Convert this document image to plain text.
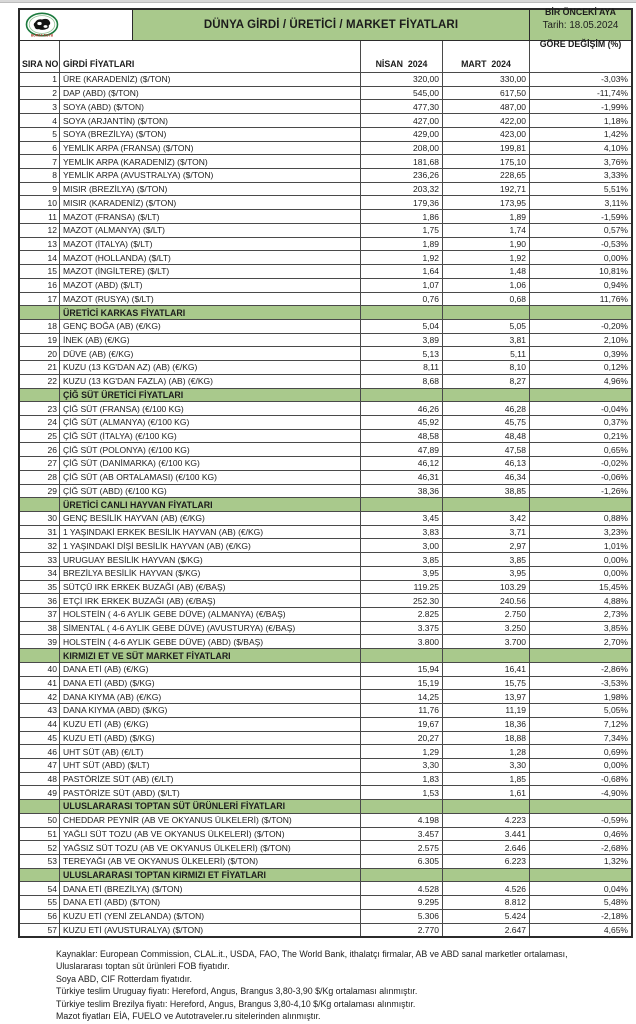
BURSA DSYB
DÜNYA GİRDİ / ÜRETİCİ / MARKET FİYATLARI	Tarih: 18.05.2024
SIRA NO GİRDİ FİYATLARI	NİSAN  2024	MART  2024

BİR ÖNCEKİ AYA

GÖRE DEĞİŞİM (%)

1 ÜRE (KARADENİZ) ($/TON)	320,00	330,00	-3,03%
2 DAP (ABD) ($/TON)	545,00	617,50	-11,74%
3 SOYA (ABD) ($/TON)	477,30	487,00	-1,99%
4 SOYA (ARJANTİN) ($/TON)	427,00	422,00	1,18%
5 SOYA (BREZİLYA) ($/TON)	429,00	423,00	1,42%
6 YEMLİK ARPA (FRANSA) ($/TON)	208,00	199,81	4,10%
7 YEMLİK ARPA (KARADENİZ) ($/TON)	181,68	175,10	3,76%
8 YEMLİK ARPA (AVUSTRALYA) ($/TON)	236,26	228,65	3,33%
9 MISIR (BREZİLYA) ($/TON)	203,32	192,71	5,51%
10 MISIR (KARADENİZ) ($/TON)	179,36	173,95	3,11%
11 MAZOT (FRANSA) ($/LT)	1,86	1,89	-1,59%
12 MAZOT (ALMANYA) ($/LT)	1,75	1,74	0,57%
13 MAZOT (İTALYA) ($/LT)	1,89	1,90	-0,53%
14 MAZOT (HOLLANDA) ($/LT)	1,92	1,92	0,00%
15 MAZOT (İNGİLTERE) ($/LT)	1,64	1,48	10,81%
16 MAZOT (ABD) ($/LT)	1,07	1,06	0,94%
17 MAZOT (RUSYA) ($/LT)	0,76	0,68	11,76%
ÜRETİCİ KARKAS FİYATLARI
18 GENÇ BOĞA (AB) (€/KG)	5,04	5,05	-0,20%
19 İNEK (AB) (€/KG)	3,89	3,81	2,10%
20 DÜVE (AB) (€/KG)	5,13	5,11	0,39%
21 KUZU (13 KG'DAN AZ) (AB) (€/KG)	8,11	8,10	0,12%
22 KUZU (13 KG'DAN FAZLA) (AB) (€/KG)	8,68	8,27	4,96%
ÇİĞ SÜT ÜRETİCİ FİYATLARI
23 ÇİĞ SÜT (FRANSA) (€/100 KG)	46,26	46,28	-0,04%
24 ÇİĞ SÜT (ALMANYA) (€/100 KG)	45,92	45,75	0,37%
25 ÇİĞ SÜT (İTALYA) (€/100 KG)	48,58	48,48	0,21%
26 ÇİĞ SÜT (POLONYA) (€/100 KG)	47,89	47,58	0,65%
27 ÇİĞ SÜT (DANİMARKA) (€/100 KG)	46,12	46,13	-0,02%
28 ÇİĞ SÜT (AB ORTALAMASI) (€/100 KG)	46,31	46,34	-0,06%
29 ÇİĞ SÜT (ABD) (€/100 KG)	38,36	38,85	-1,26%
ÜRETİCİ CANLI HAYVAN FİYATLARI
30 GENÇ BESİLİK HAYVAN (AB) (€/KG)	3,45	3,42	0,88%
31 1 YAŞINDAKİ ERKEK BESİLİK HAYVAN (AB) (€/KG)	3,83	3,71	3,23%
32 1 YAŞINDAKİ DİŞİ BESİLİK HAYVAN (AB) (€/KG)	3,00	2,97	1,01%
33 URUGUAY BESİLİK HAYVAN ($/KG)	3,85	3,85	0,00%
34 BREZİLYA BESİLİK HAYVAN ($/KG)	3,95	3,95	0,00%
35 SÜTÇÜ IRK ERKEK BUZAĞI (AB) (€/BAŞ)	119.25	103.29	15,45%
36 ETÇİ IRK ERKEK BUZAĞI (AB) (€/BAŞ)	252.30	240.56	4,88%
37 HOLSTEİN ( 4-6 AYLIK GEBE DÜVE) (ALMANYA) (€/BAŞ)	2.825	2.750	2,73%
38 SİMENTAL ( 4-6 AYLIK GEBE DÜVE) (AVUSTURYA) (€/BAŞ)	3.375	3.250	3,85%
39 HOLSTEİN ( 4-6 AYLIK GEBE DÜVE) (ABD) ($/BAŞ)	3.800	3.700	2,70%
KIRMIZI ET VE SÜT MARKET FİYATLARI
40 DANA ETİ (AB) (€/KG)	15,94	16,41	-2,86%
41 DANA ETİ (ABD) ($/KG)	15,19	15,75	-3,53%
42 DANA KIYMA (AB) (€/KG)	14,25	13,97	1,98%
43 DANA KIYMA (ABD) ($/KG)	11,76	11,19	5,05%
44 KUZU ETİ (AB) (€/KG)	19,67	18,36	7,12%
45 KUZU ETİ (ABD) ($/KG)	20,27	18,88	7,34%
46 UHT SÜT (AB) (€/LT)	1,29	1,28	0,69%
47 UHT SÜT (ABD) ($/LT)	3,30	3,30	0,00%
48 PASTÖRİZE SÜT (AB) (€/LT)	1,83	1,85	-0,68%
49 PASTÖRİZE SÜT (ABD) ($/LT)	1,53	1,61	-4,90%
ULUSLARARASI TOPTAN SÜT ÜRÜNLERİ FİYATLARI
50 CHEDDAR PEYNİR (AB VE OKYANUS ÜLKELERİ) ($/TON)	4.198	4.223	-0,59%
51 YAĞLI SÜT TOZU (AB VE OKYANUS ÜLKELERİ) ($/TON)	3.457	3.441	0,46%
52 YAĞSIZ SÜT TOZU (AB VE OKYANUS ÜLKELERİ) ($/TON)	2.575	2.646	-2,68%
53 TEREYAĞI (AB VE OKYANUS ÜLKELERİ) ($/TON)	6.305	6.223	1,32%
ULUSLARARASI TOPTAN KIRMIZI ET FİYATLARI
54 DANA ETİ (BREZİLYA) ($/TON)	4.528	4.526	0,04%
55 DANA ETİ (ABD) ($/TON)	9.295	8.812	5,48%
56 KUZU ETİ (YENİ ZELANDA) ($/TON)	5.306	5.424	-2,18%
57 KUZU ETİ (AVUSTURALYA) ($/TON)	2.770	2.647	4,65%
Kaynaklar: European Commission, CLAL.it., USDA, FAO, The World Bank, ithalatçı firmalar, AB ve ABD sanal marketler ortalaması,
Uluslararası toptan süt ürünleri FOB fiyatıdır.
Soya ABD, CIF Rotterdam fiyatıdır.
Türkiye teslim Uruguay fiyatı: Hereford, Angus, Brangus 3,80-3,90 $/Kg ortalaması alınmıştır.
Türkiye teslim Brezilya fiyatı: Hereford, Angus, Brangus 3,80-4,10 $/Kg ortalaması alınmıştır.
Mazot fiyatları EİA, FUELO ve Autotraveler.ru sitelerinden alınmıştır.
